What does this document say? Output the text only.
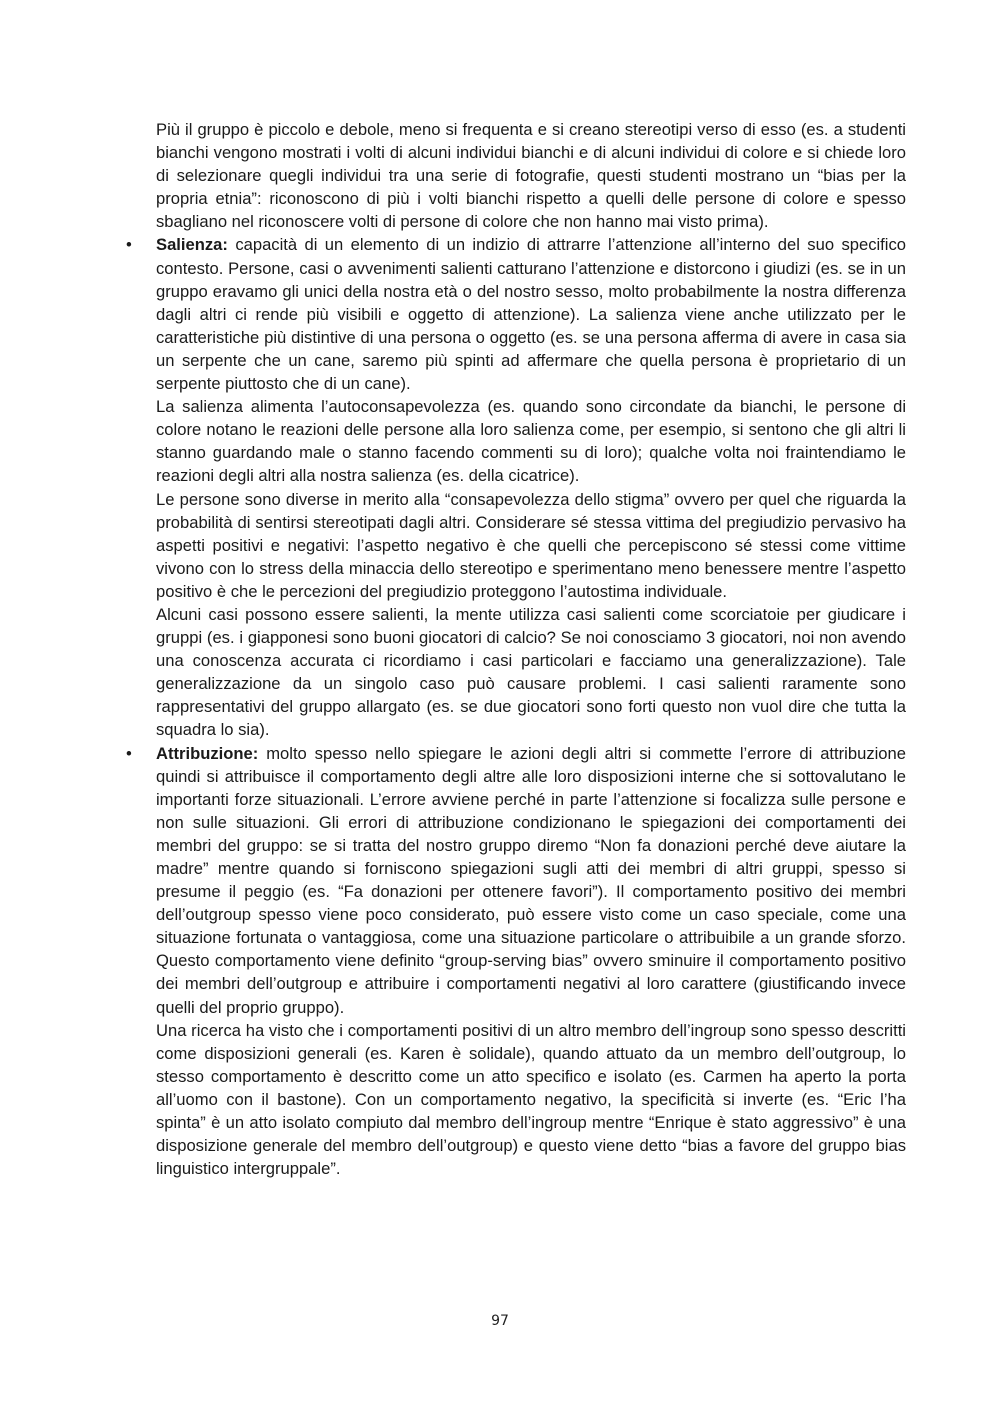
Più il gruppo è piccolo e debole, meno si frequenta e si creano stereotipi verso di esso (es. a studenti bianchi vengono mostrati i volti di alcuni individui bianchi e di alcuni individui di colore e si chiede loro di selezionare quegli individui tra una serie di fotografie, questi studenti mostrano un “bias per la propria etnia”: riconoscono di più i volti bianchi rispetto a quelli delle persone di colore e spesso sbagliano nel riconoscere volti di persone di colore che non hanno mai visto prima).

• Salienza: capacità di un elemento di un indizio di attrarre l’attenzione all’interno del suo specifico contesto. Persone, casi o avvenimenti salienti catturano l’attenzione e distorcono i giudizi (es. se in un gruppo eravamo gli unici della nostra età o del nostro sesso, molto probabilmente la nostra differenza dagli altri ci rende più visibili e oggetto di attenzione). La salienza viene anche utilizzato per le caratteristiche più distintive di una persona o oggetto (es. se una persona afferma di avere in casa sia un serpente che un cane, saremo più spinti ad affermare che quella persona è proprietario di un serpente piuttosto che di un cane).

La salienza alimenta l’autoconsapevolezza (es. quando sono circondate da bianchi, le persone di colore notano le reazioni delle persone alla loro salienza come, per esempio, si sentono che gli altri li stanno guardando male o stanno facendo commenti su di loro); qualche volta noi fraintendiamo le reazioni degli altri alla nostra salienza (es. della cicatrice).

Le persone sono diverse in merito alla “consapevolezza dello stigma” ovvero per quel che riguarda la probabilità di sentirsi stereotipati dagli altri. Considerare sé stessa vittima del pregiudizio pervasivo ha aspetti positivi e negativi: l’aspetto negativo è che quelli che percepiscono sé stessi come vittime vivono con lo stress della minaccia dello stereotipo e sperimentano meno benessere mentre l’aspetto positivo è che le percezioni del pregiudizio proteggono l’autostima individuale.

Alcuni casi possono essere salienti, la mente utilizza casi salienti come scorciatoie per giudicare i gruppi (es. i giapponesi sono buoni giocatori di calcio? Se noi conosciamo 3 giocatori, noi non avendo una conoscenza accurata ci ricordiamo i casi particolari e facciamo una generalizzazione). Tale generalizzazione da un singolo caso può causare problemi. I casi salienti raramente sono rappresentativi del gruppo allargato (es. se due giocatori sono forti questo non vuol dire che tutta la squadra lo sia).

• Attribuzione: molto spesso nello spiegare le azioni degli altri si commette l’errore di attribuzione quindi si attribuisce il comportamento degli altre alle loro disposizioni interne che si sottovalutano le importanti forze situazionali. L’errore avviene perché in parte l’attenzione si focalizza sulle persone e non sulle situazioni. Gli errori di attribuzione condizionano le spiegazioni dei comportamenti dei membri del gruppo: se si tratta del nostro gruppo diremo “Non fa donazioni perché deve aiutare la madre” mentre quando si forniscono spiegazioni sugli atti dei membri di altri gruppi, spesso si presume il peggio (es. “Fa donazioni per ottenere favori”). Il comportamento positivo dei membri dell’outgroup spesso viene poco considerato, può essere visto come un caso speciale, come una situazione fortunata o vantaggiosa, come una situazione particolare o attribuibile a un grande sforzo. Questo comportamento viene definito “group-serving bias” ovvero sminuire il comportamento positivo dei membri dell’outgroup e attribuire i comportamenti negativi al loro carattere (giustificando invece quelli del proprio gruppo).

Una ricerca ha visto che i comportamenti positivi di un altro membro dell’ingroup sono spesso descritti come disposizioni generali (es. Karen è solidale), quando attuato da un membro dell’outgroup, lo stesso comportamento è descritto come un atto specifico e isolato (es. Carmen ha aperto la porta all’uomo con il bastone). Con un comportamento negativo, la specificità si inverte (es. “Eric l’ha spinta” è un atto isolato compiuto dal membro dell’ingroup mentre “Enrique è stato aggressivo” è una disposizione generale del membro dell’outgroup) e questo viene detto “bias a favore del gruppo bias linguistico intergruppale”.

97
